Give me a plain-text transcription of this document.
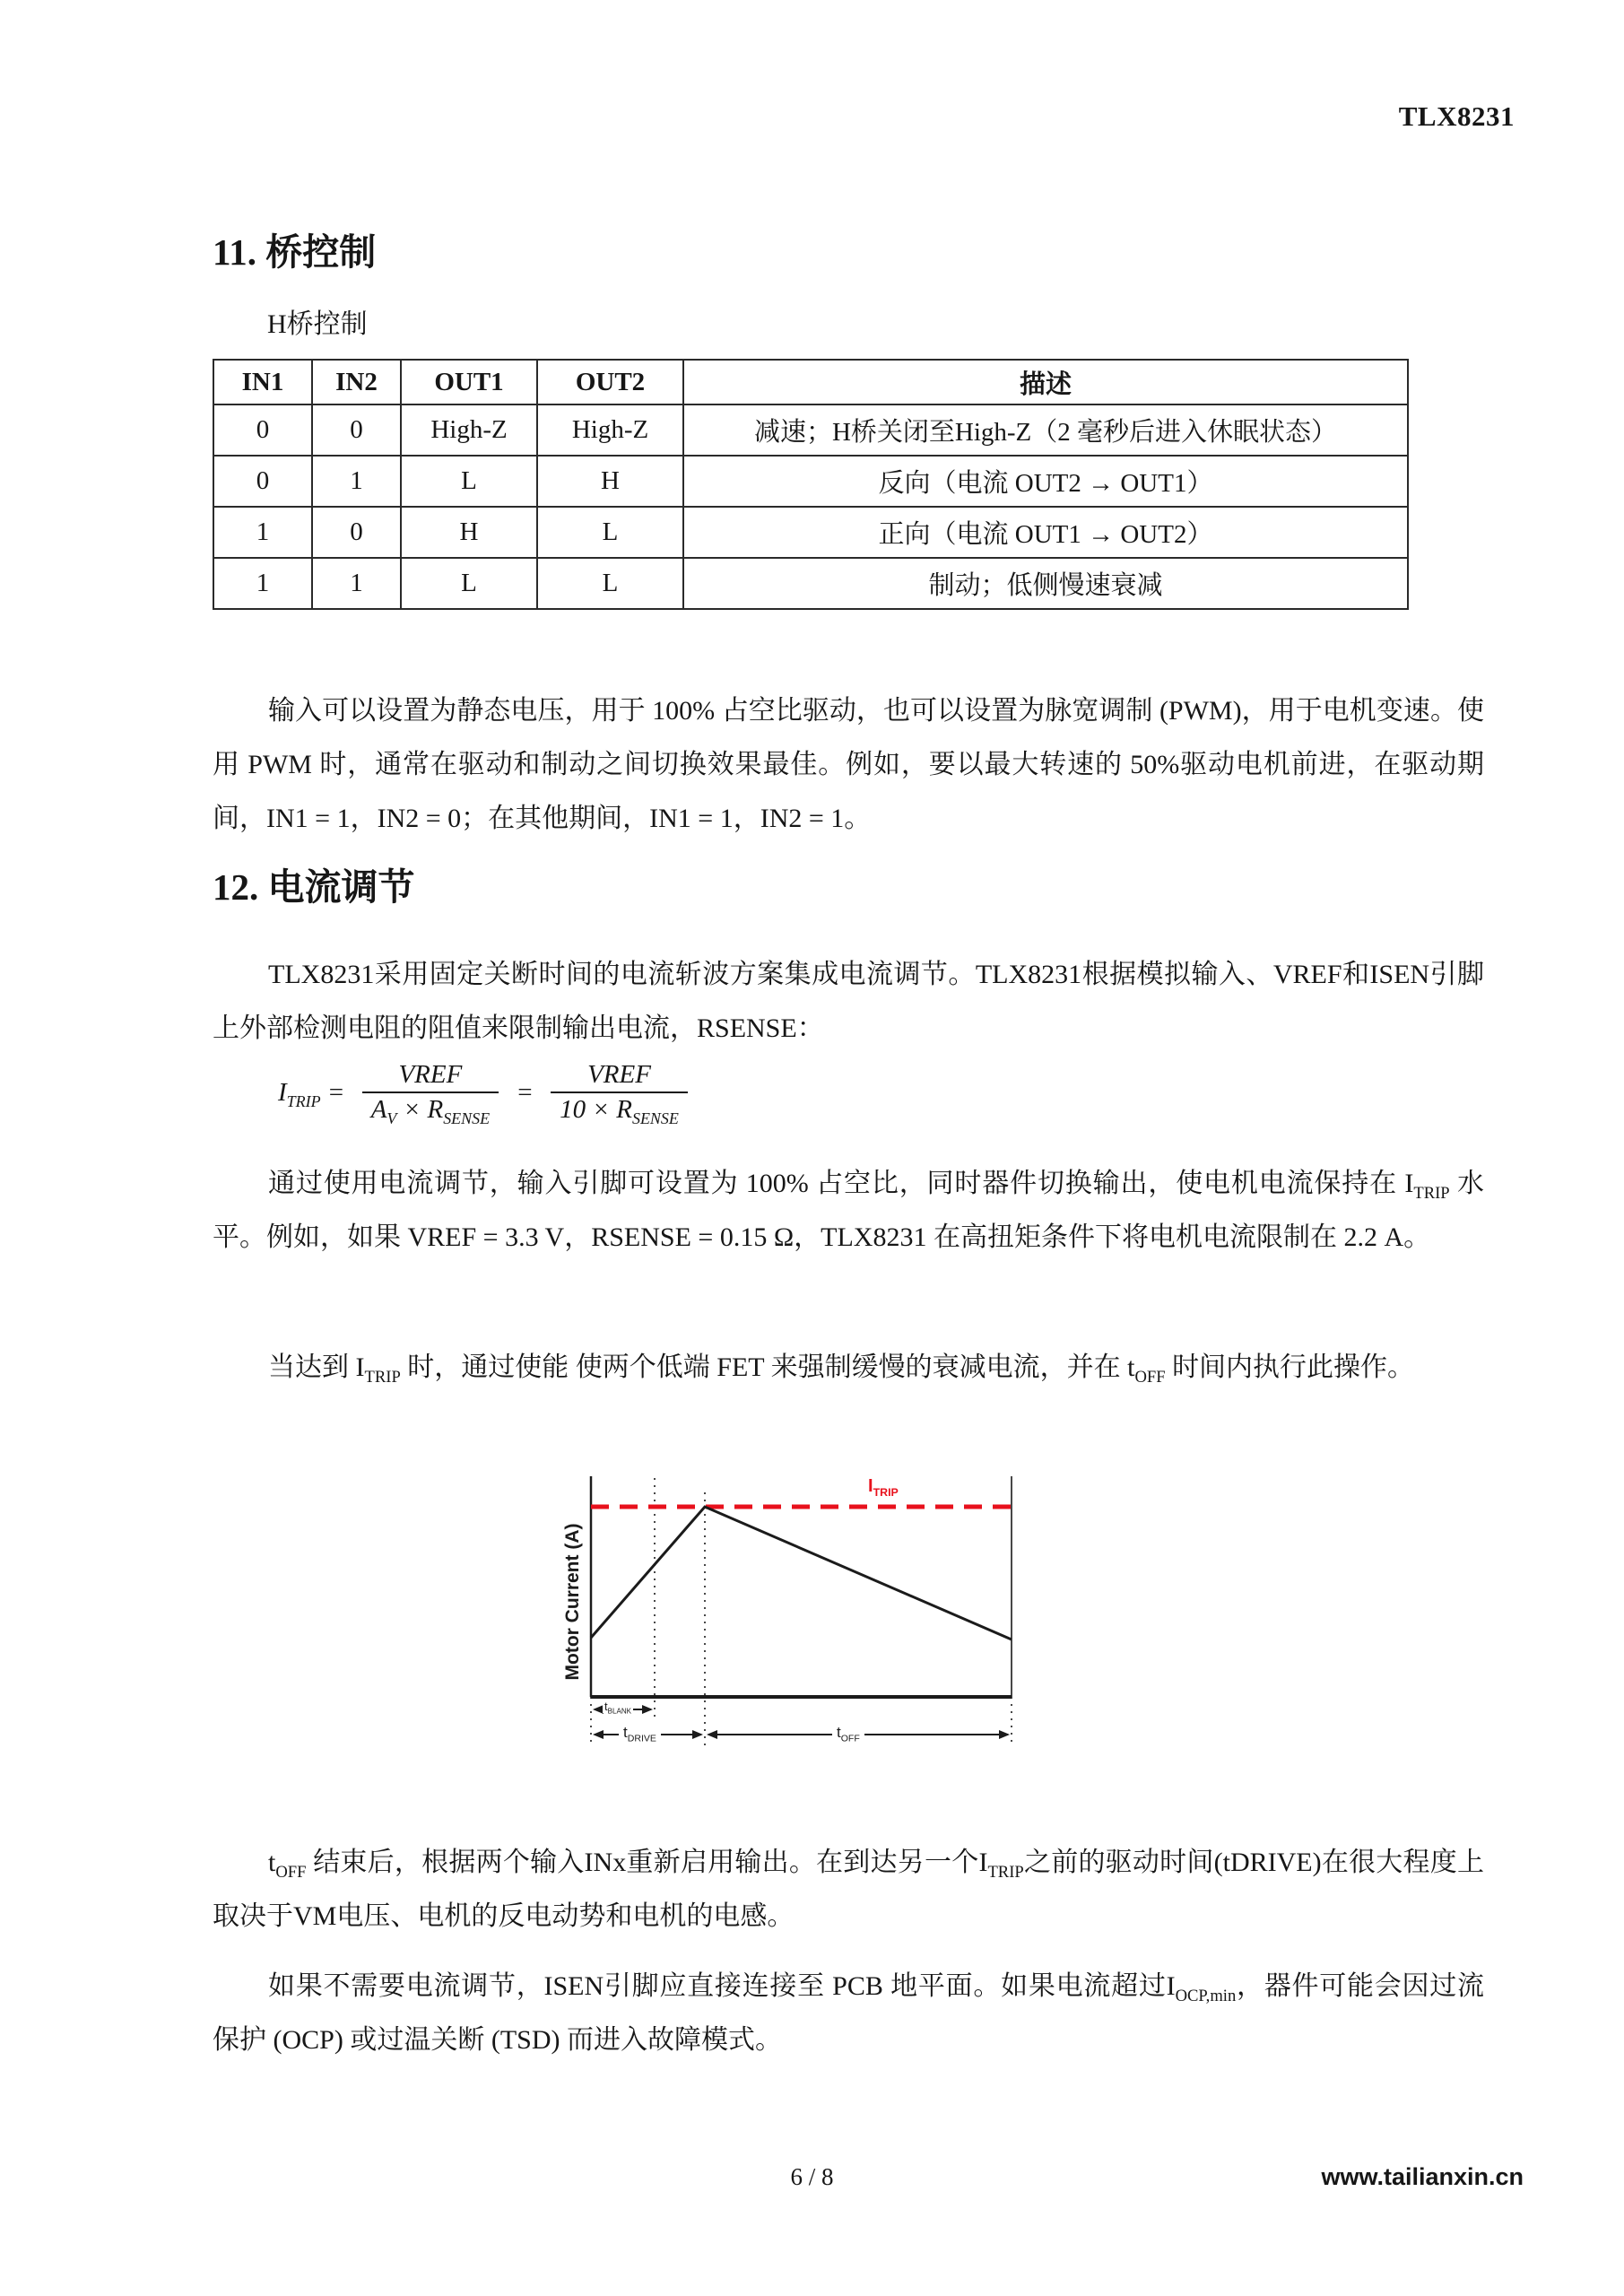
TLX8231
11. 桥控制
H桥控制
IN1	IN2	OUT1	OUT2	描述
0	0	High-Z	High-Z	减速；H桥关闭至High-Z（2 毫秒后进入休眠状态）
0	1	L	H	反向（电流 OUT2 → OUT1）
1	0	H	L	正向（电流 OUT1 → OUT2）
1	1	L	L	制动；低侧慢速衰减

输入可以设置为静态电压，用于 100% 占空比驱动，也可以设置为脉宽调制 (PWM)，用于电机变速。使用 PWM 时，通常在驱动和制动之间切换效果最佳。例如，要以最大转速的 50%驱动电机前进，在驱动期间，IN1 = 1，IN2 = 0；在其他期间，IN1 = 1，IN2 = 1。

12. 电流调节

TLX8231采用固定关断时间的电流斩波方案集成电流调节。TLX8231根据模拟输入、VREF和ISEN引脚上外部检测电阻的阻值来限制输出电流，RSENSE：

$I_{TRIP} = \frac{\text{VREF}}{A_V \times R_{SENSE}} = \frac{\text{VREF}}{10 \times R_{SENSE}}$

通过使用电流调节，输入引脚可设置为 100% 占空比，同时器件切换输出，使电机电流保持在 $I_{TRIP}$ 水平。例如，如果 VREF = 3.3 V，RSENSE = 0.15 Ω，TLX8231 在高扭矩条件下将电机电流限制在 2.2 A。

当达到 $I_{TRIP}$ 时，通过使能 使两个低端 FET 来强制缓慢的衰减电流，并在 $t_{OFF}$ 时间内执行此操作。

Motor Current (A)
$I_{TRIP}$
$t_{BLANK}$
$t_{DRIVE}$	$t_{OFF}$

$t_{OFF}$ 结束后，根据两个输入INx重新启用输出。在到达另一个$I_{TRIP}$之前的驱动时间(tDRIVE)在很大程度上取决于VM电压、电机的反电动势和电机的电感。

如果不需要电流调节，ISEN引脚应直接连接至 PCB 地平面。如果电流超过$I_{OCP,min}$，器件可能会因过流保护 (OCP) 或过温关断 (TSD) 而进入故障模式。

6 / 8	www.tailianxin.cn
